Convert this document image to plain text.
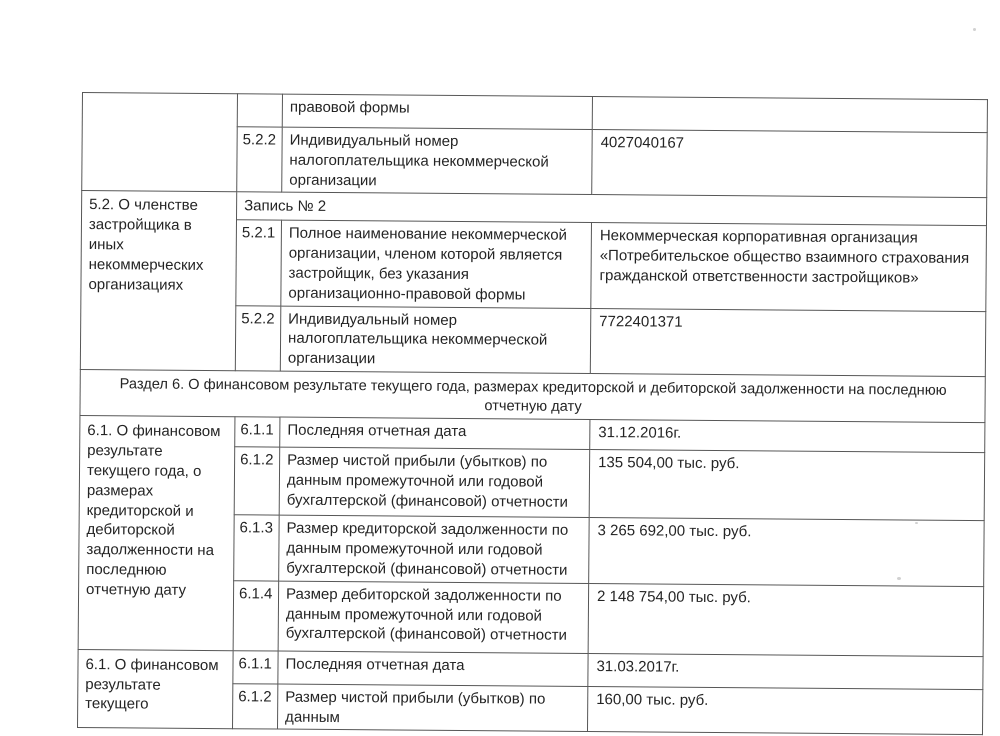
		правовой формы	
	5.2.2	Индивидуальный номер налогоплательщика некоммерческой организации	4027040167
5.2. О членстве застройщика в иных некоммерческих организациях	Запись № 2		
	5.2.1	Полное наименование некоммерческой организации, членом которой является застройщик, без указания организационно-правовой формы	Некоммерческая корпоративная организация «Потребительское общество взаимного страхования гражданской ответственности застройщиков»
	5.2.2	Индивидуальный номер налогоплательщика некоммерческой организации	7722401371
Раздел 6. О финансовом результате текущего года, размерах кредиторской и дебиторской задолженности на последнюю отчетную дату			
6.1. О финансовом результате текущего года, о размерах кредиторской и дебиторской задолженности на последнюю отчетную дату	6.1.1	Последняя отчетная дата	31.12.2016г.
	6.1.2	Размер чистой прибыли (убытков) по данным промежуточной или годовой бухгалтерской (финансовой) отчетности	135 504,00 тыс. руб.
	6.1.3	Размер кредиторской задолженности по данным промежуточной или годовой бухгалтерской (финансовой) отчетности	3 265 692,00 тыс. руб.
	6.1.4	Размер дебиторской задолженности по данным промежуточной или годовой бухгалтерской (финансовой) отчетности	2 148 754,00 тыс. руб.
6.1. О финансовом результате текущего	6.1.1	Последняя отчетная дата	31.03.2017г.
	6.1.2	Размер чистой прибыли (убытков) по данным	160,00 тыс. руб.
